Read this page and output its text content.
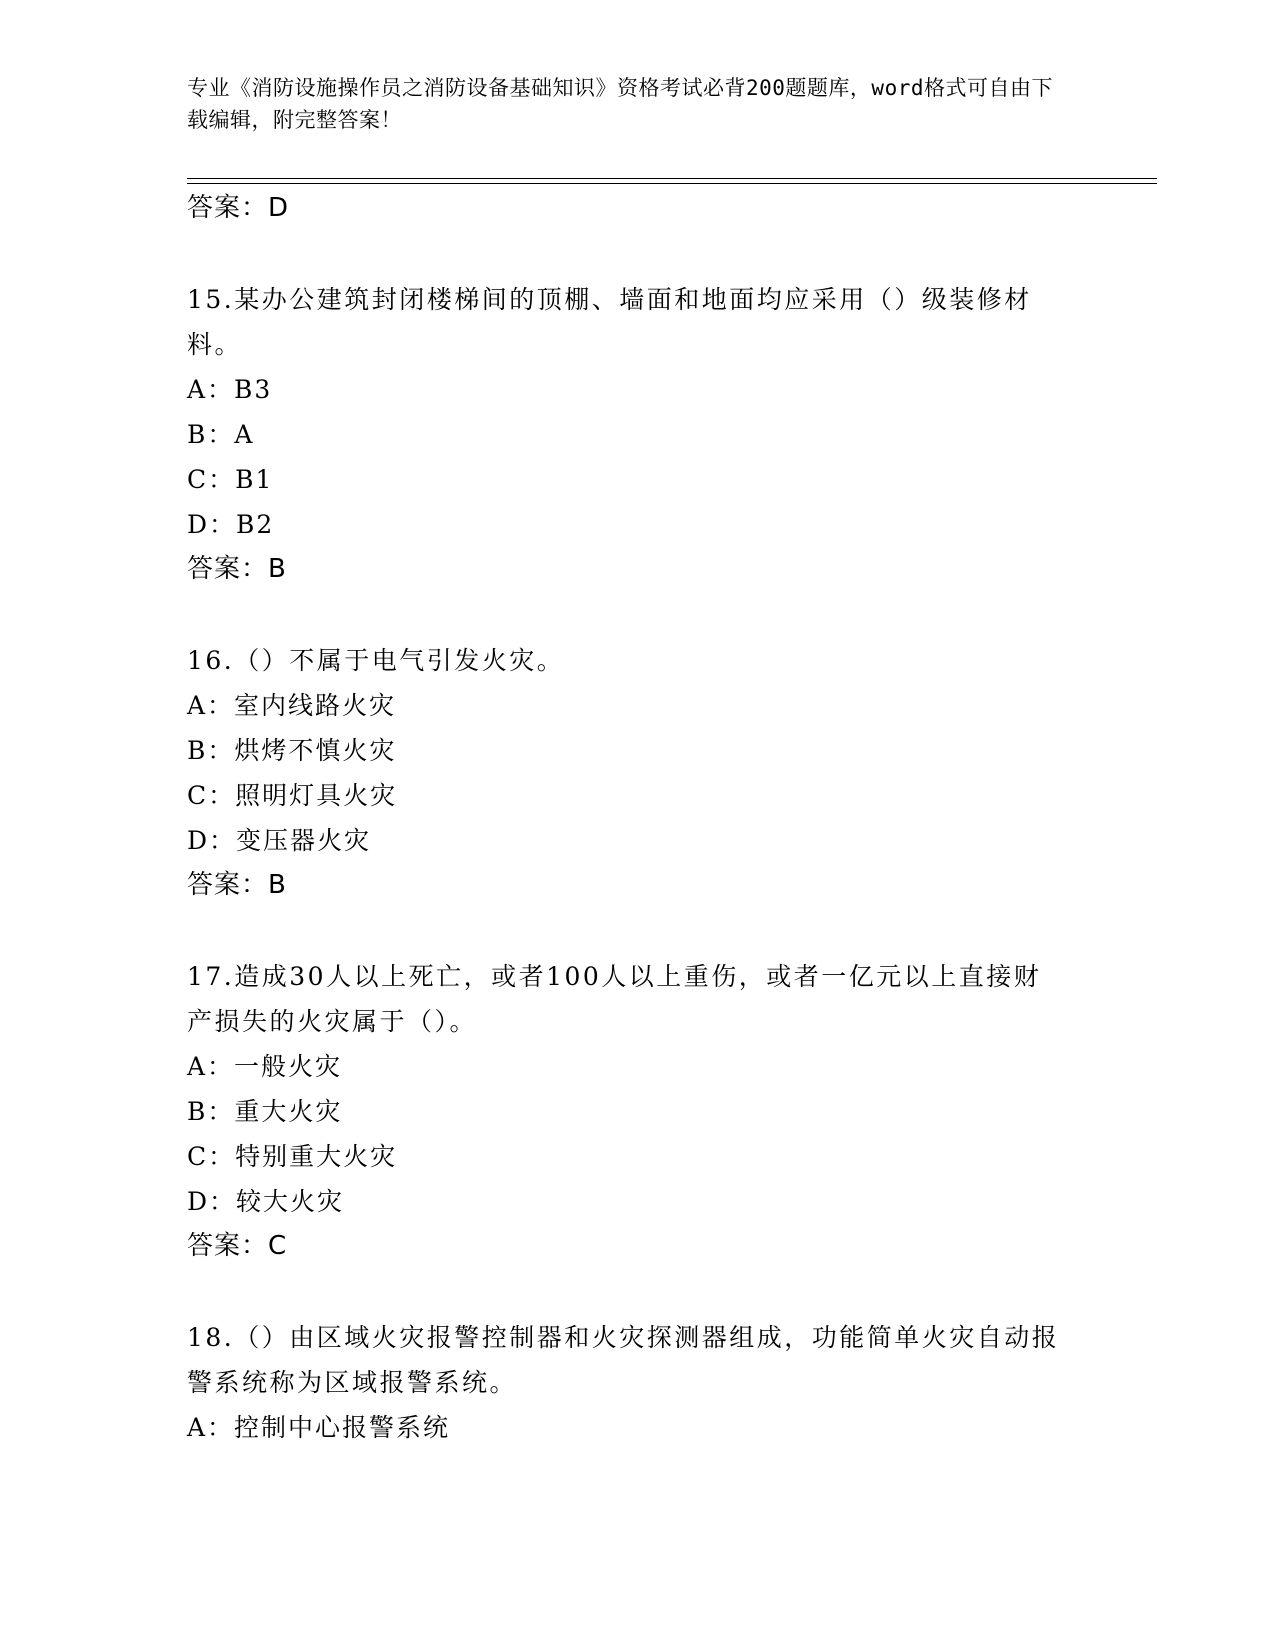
专业《消防设施操作员之消防设备基础知识》资格考试必背200题题库，word格式可自由下载编辑，附完整答案！
答案：D
15.某办公建筑封闭楼梯间的顶棚、墙面和地面均应采用（）级装修材料。
A：B3
B：A
C：B1
D：B2
答案：B
16.（）不属于电气引发火灾。
A：室内线路火灾
B：烘烤不慎火灾
C：照明灯具火灾
D：变压器火灾
答案：B
17.造成30人以上死亡，或者100人以上重伤，或者一亿元以上直接财产损失的火灾属于（）。
A：一般火灾
B：重大火灾
C：特别重大火灾
D：较大火灾
答案：C
18.（）由区域火灾报警控制器和火灾探测器组成，功能简单火灾自动报警系统称为区域报警系统。
A：控制中心报警系统
